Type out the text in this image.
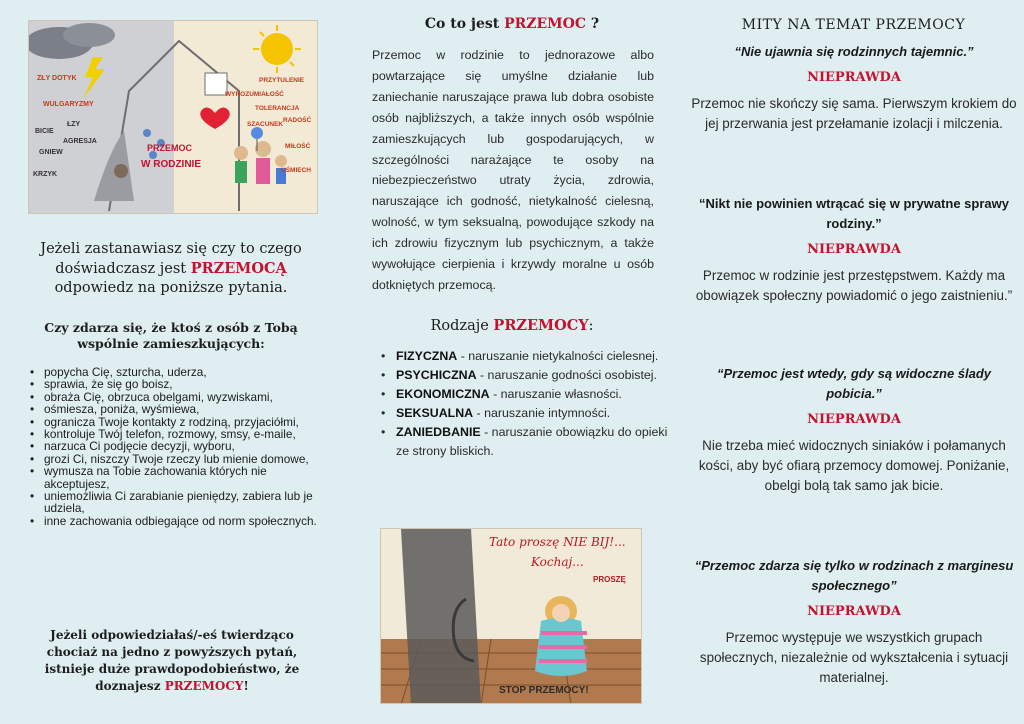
ZŁY DOTYK
WULGARYZMY
BICIE
ŁZY
AGRESJA
GNIEW
KRZYK
PRZYTULENIE
WYROZUMIAŁOŚĆ
TOLERANCJA
RADOŚĆ
SZACUNEK
MIŁOŚĆ
UŚMIECH
PRZEMOC
W RODZINIE
Jeżeli zastanawiasz się czy to czego doświadczasz jest PRZEMOCĄ odpowiedz na poniższe pytania.
Czy zdarza się, że ktoś z osób z Tobą wspólnie zamieszkujących:
• popycha Cię, szturcha, uderza,
• sprawia, że się go boisz,
• obraża Cię, obrzuca obelgami, wyzwiskami,
• ośmiesza, poniża, wyśmiewa,
• ogranicza Twoje kontakty z rodziną, przyjaciółmi,
• kontroluje Twój telefon, rozmowy, smsy, e-maile,
• narzuca Ci podjęcie decyzji, wyboru,
• grozi Ci, niszczy Twoje rzeczy lub mienie domowe,
• wymusza na Tobie zachowania których nie akceptujesz,
• uniemożliwia Ci zarabianie pieniędzy, zabiera lub je udziela,
• inne zachowania odbiegające od norm społecznych.
Jeżeli odpowiedziałaś/-eś twierdząco chociaż na jedno z powyższych pytań, istnieje duże prawdopodobieństwo, że doznajesz PRZEMOCY!
Co to jest PRZEMOC ?

Przemoc w rodzinie to jednorazowe albo powtarzające się umyślne działanie lub zaniechanie naruszające prawa lub dobra osobiste osób najbliższych, a także innych osób wspólnie zamieszkujących lub gospodarujących, w szczególności narażające te osoby na niebezpieczeństwo utraty życia, zdrowia, naruszające ich godność, nietykalność cielesną, wolność, w tym seksualną, powodujące szkody na ich zdrowiu fizycznym lub psychicznym, a także wywołujące cierpienia i krzywdy moralne u osób dotkniętych przemocą.

Rodzaje PRZEMOCY:
• FIZYCZNA - naruszanie nietykalności cielesnej.
• PSYCHICZNA - naruszanie godności osobistej.
• EKONOMICZNA - naruszanie własności.
• SEKSUALNA - naruszanie intymności.
• ZANIEDBANIE - naruszanie obowiązku do opieki ze strony bliskich.
Tato proszę NIE BIJ!...
Kochaj...
PROSZĘ
STOP PRZEMOCY!
MITY NA TEMAT PRZEMOCY
“Nie ujawnia się rodzinnych tajemnic.”
NIEPRAWDA
Przemoc nie skończy się sama. Pierwszym krokiem do jej przerwania jest przełamanie izolacji i milczenia.
“Nikt nie powinien wtrącać się w prywatne sprawy rodziny.”
NIEPRAWDA
Przemoc w rodzinie jest przestępstwem. Każdy ma obowiązek społeczny powiadomić o jego zaistnieniu.”
“Przemoc jest wtedy, gdy są widoczne ślady pobicia.”
NIEPRAWDA
Nie trzeba mieć widocznych siniaków i połamanych kości, aby być ofiarą przemocy domowej. Poniżanie, obelgi bolą tak samo jak bicie.
“Przemoc zdarza się tylko w rodzinach z marginesu społecznego”
NIEPRAWDA
Przemoc występuje we wszystkich grupach społecznych, niezależnie od wykształcenia i sytuacji materialnej.
